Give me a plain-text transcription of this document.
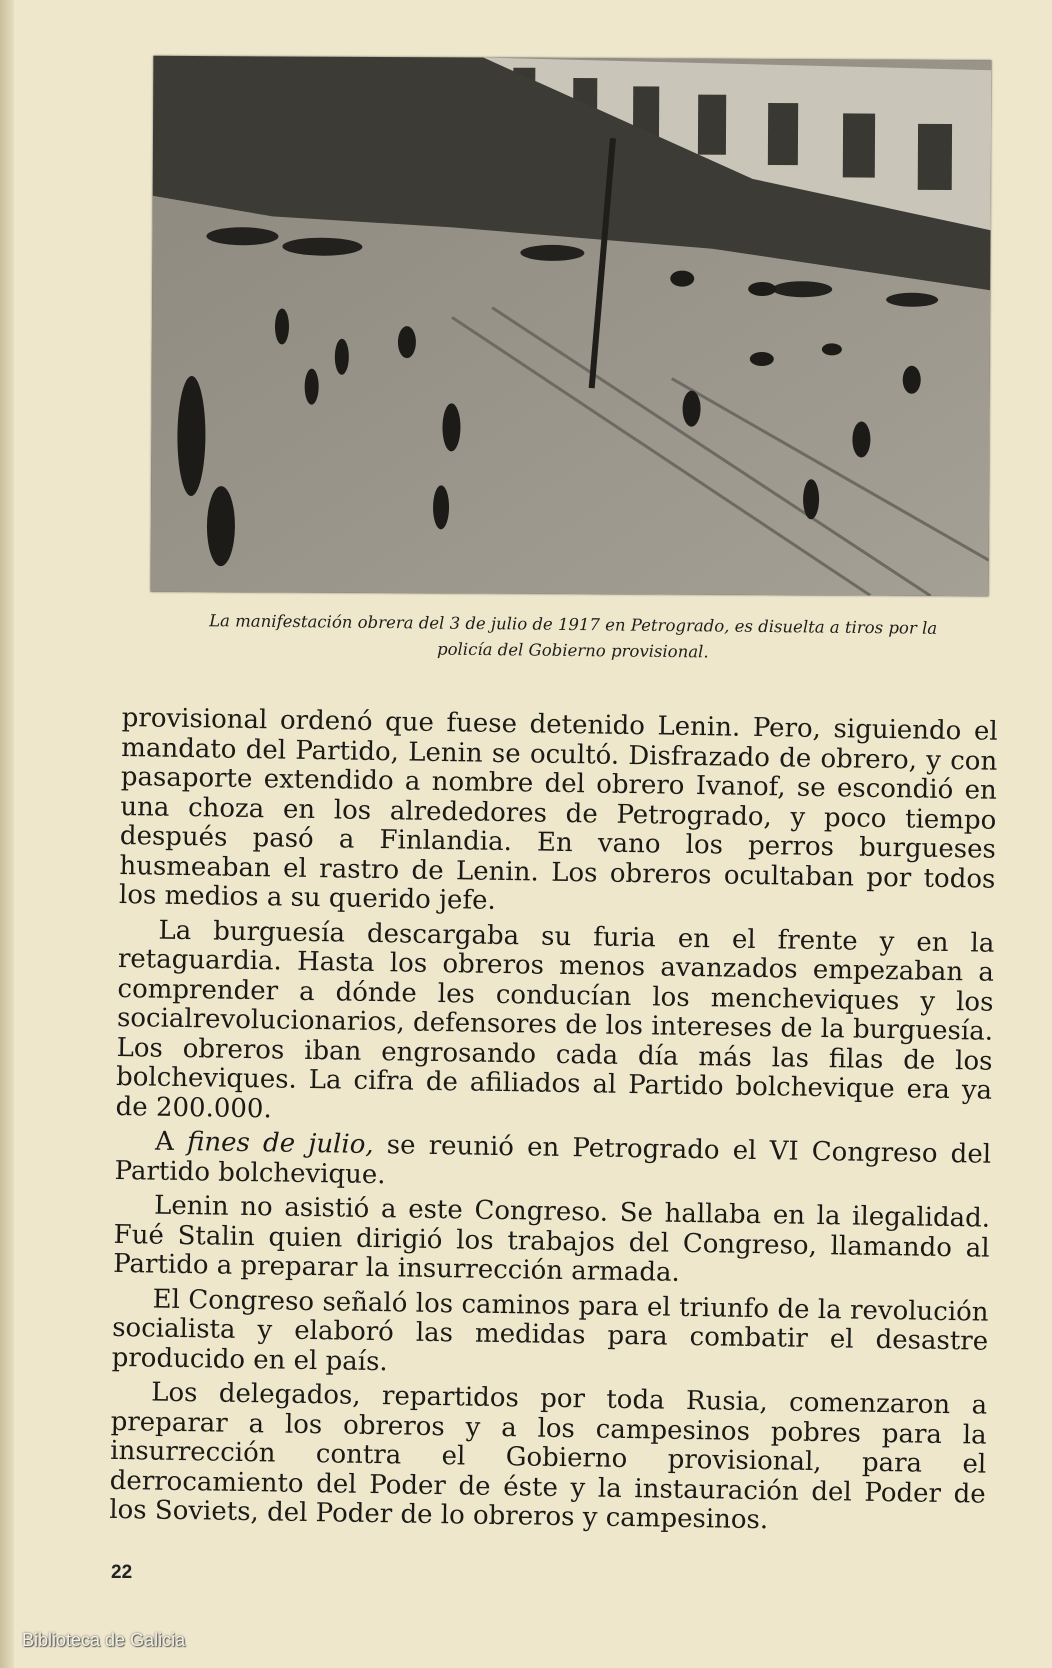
La manifestación obrera del 3 de julio de 1917 en Petrogrado, es disuelta a tiros por la
policía del Gobierno provisional.

provisional ordenó que fuese detenido Lenin. Pero, siguiendo el mandato del Partido, Lenin se ocultó. Disfrazado de obrero, y con pasaporte extendido a nombre del obrero Ivanof, se escondió en una choza en los alrededores de Petrogrado, y poco tiempo después pasó a Finlandia. En vano los perros burgueses husmeaban el rastro de Lenin. Los obreros ocultaban por todos los medios a su querido jefe.

La burguesía descargaba su furia en el frente y en la retaguardia. Hasta los obreros menos avanzados empezaban a comprender a dónde les conducían los mencheviques y los socialrevolucionarios, defensores de los intereses de la burguesía. Los obreros iban engrosando cada día más las filas de los bolcheviques. La cifra de afiliados al Partido bolchevique era ya de 200.000.

A fines de julio, se reunió en Petrogrado el VI Congreso del Partido bolchevique.

Lenin no asistió a este Congreso. Se hallaba en la ilegalidad. Fué Stalin quien dirigió los trabajos del Congreso, llamando al Partido a preparar la insurrección armada.

El Congreso señaló los caminos para el triunfo de la revolución socialista y elaboró las medidas para combatir el desastre producido en el país.

Los delegados, repartidos por toda Rusia, comenzaron a preparar a los obreros y a los campesinos pobres para la insurrección contra el Gobierno provisional, para el derrocamiento del Poder de éste y la instauración del Poder de los Soviets, del Poder de lo obreros y campesinos.

22
Biblioteca de Galicia
